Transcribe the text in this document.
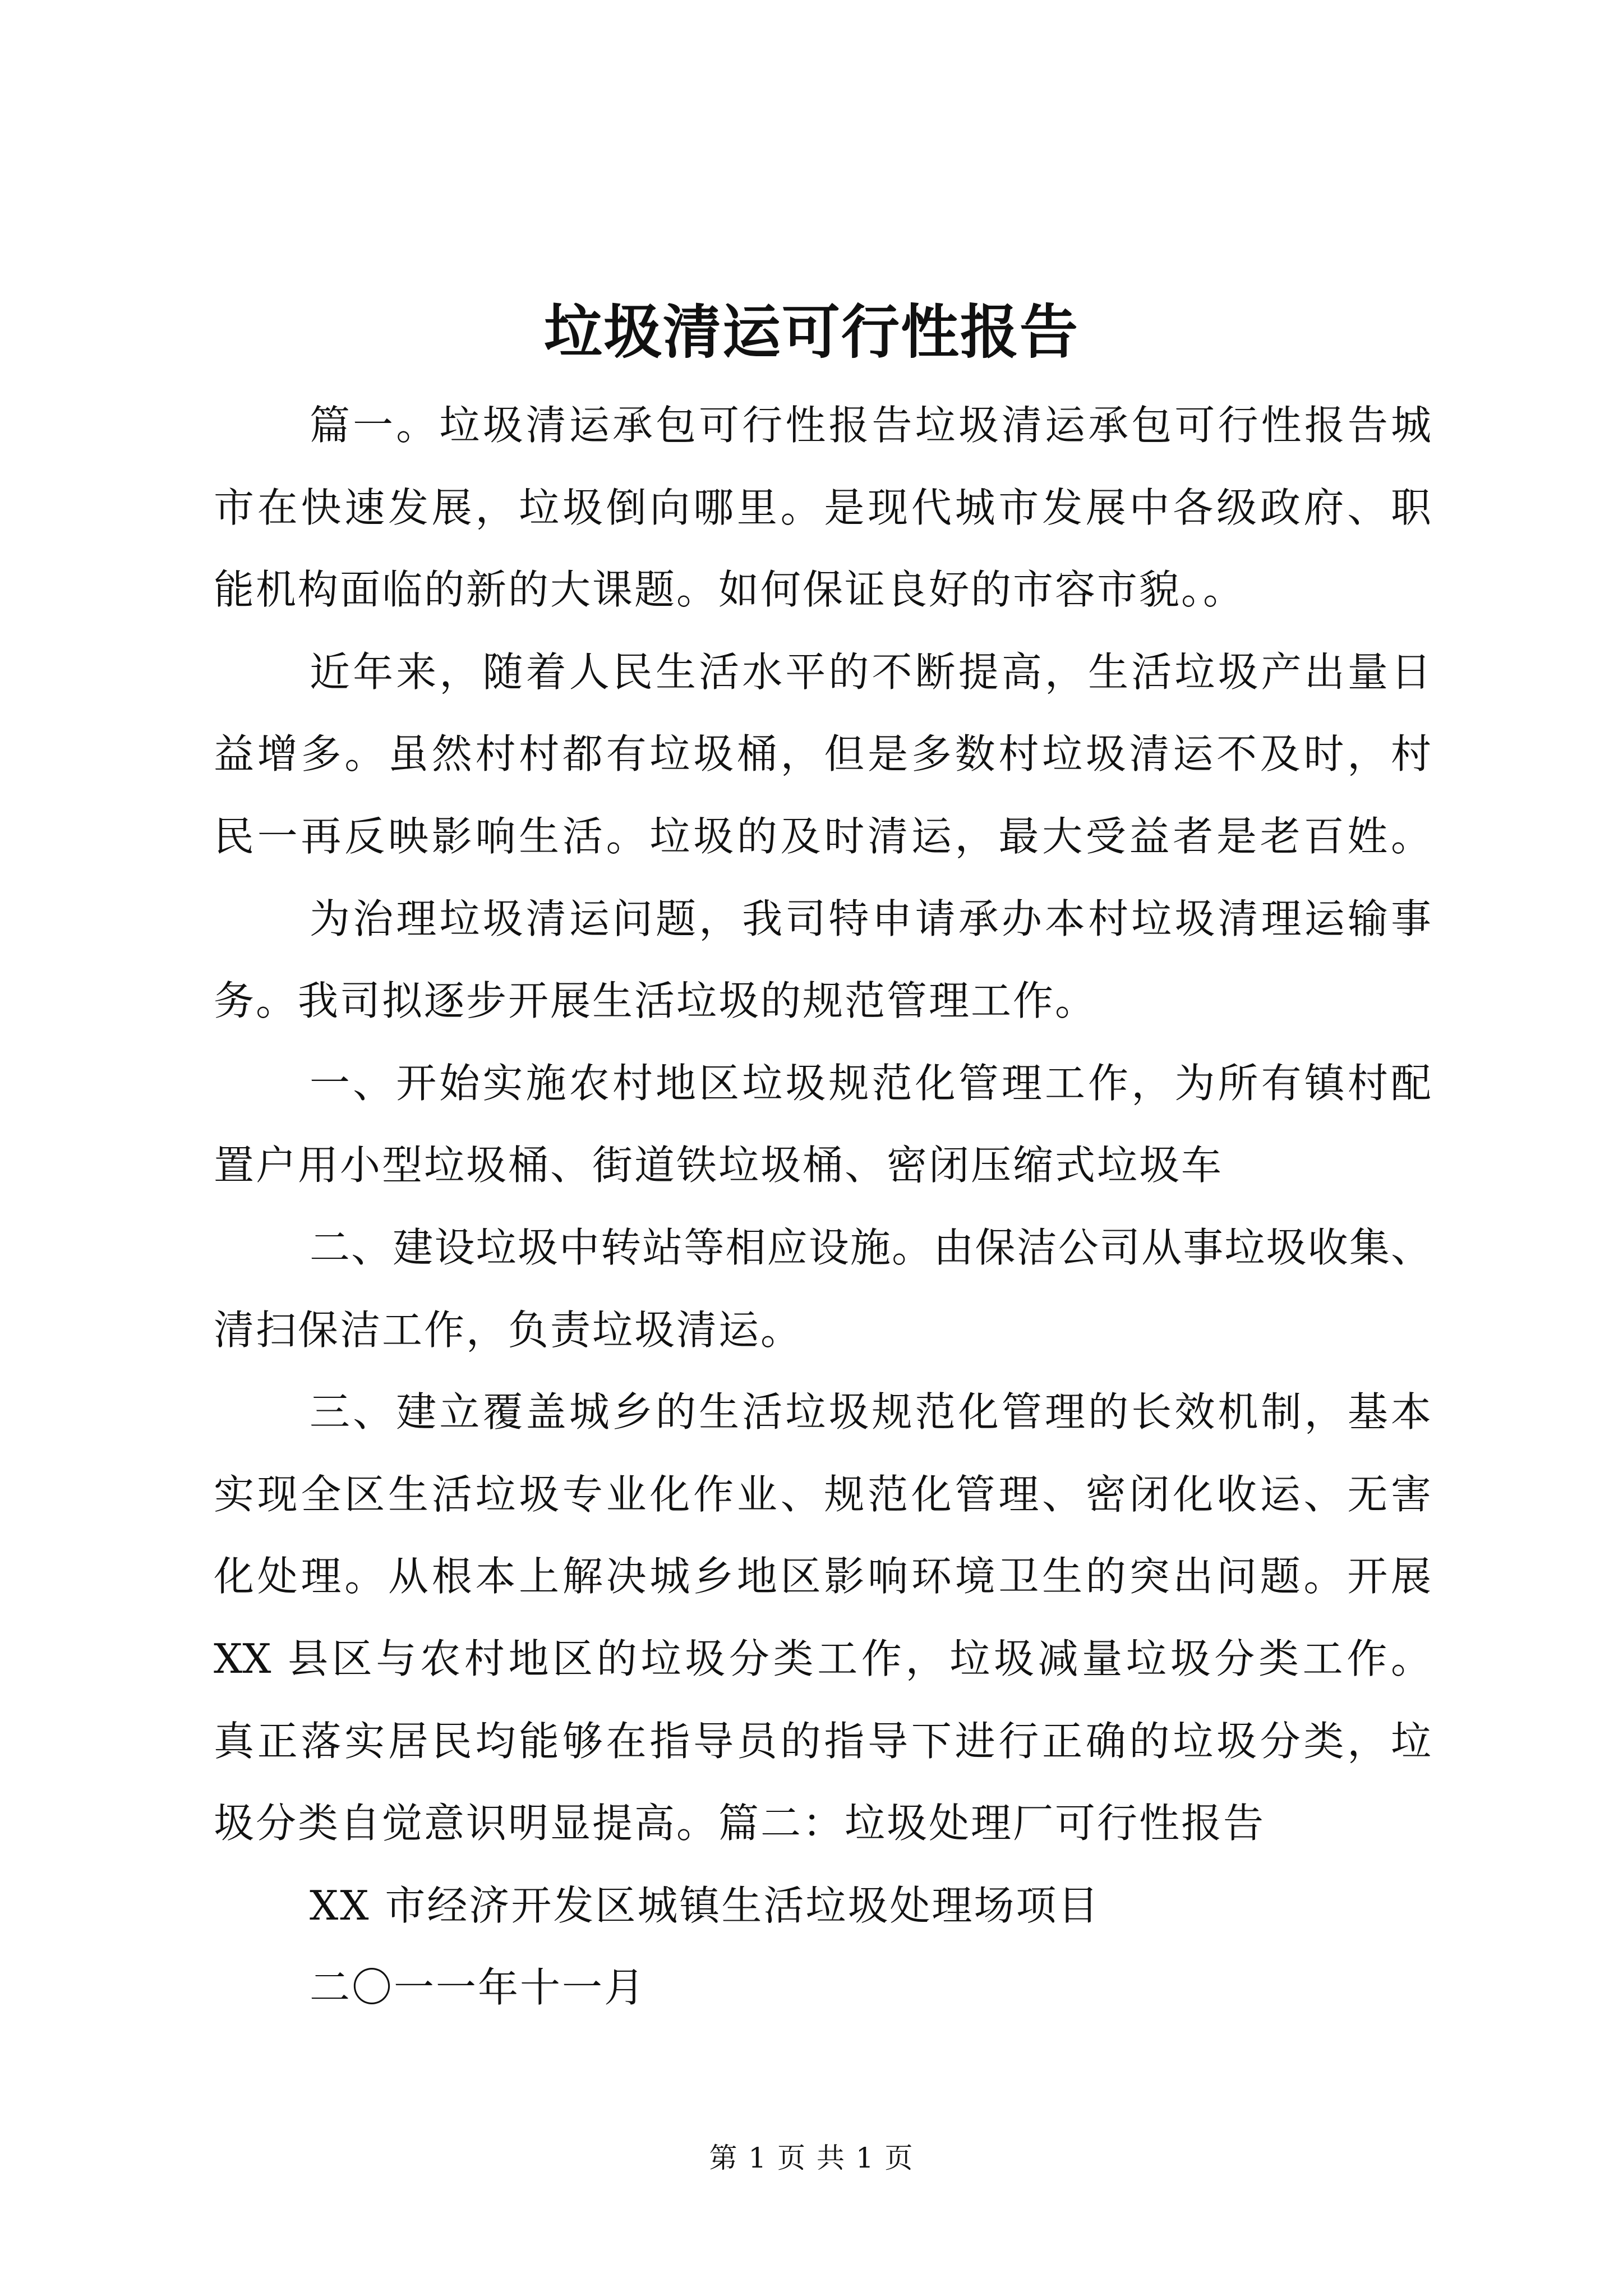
垃圾清运可行性报告
篇一。垃圾清运承包可行性报告垃圾清运承包可行性报告城
市在快速发展，垃圾倒向哪里。是现代城市发展中各级政府、职
能机构面临的新的大课题。如何保证良好的市容市貌。。
近年来，随着人民生活水平的不断提高，生活垃圾产出量日
益增多。虽然村村都有垃圾桶，但是多数村垃圾清运不及时，村
民一再反映影响生活。垃圾的及时清运，最大受益者是老百姓。
为治理垃圾清运问题，我司特申请承办本村垃圾清理运输事
务。我司拟逐步开展生活垃圾的规范管理工作。
一、开始实施农村地区垃圾规范化管理工作，为所有镇村配
置户用小型垃圾桶、街道铁垃圾桶、密闭压缩式垃圾车
二、建设垃圾中转站等相应设施。由保洁公司从事垃圾收集、
清扫保洁工作，负责垃圾清运。
三、建立覆盖城乡的生活垃圾规范化管理的长效机制，基本
实现全区生活垃圾专业化作业、规范化管理、密闭化收运、无害
化处理。从根本上解决城乡地区影响环境卫生的突出问题。开展
XX 县区与农村地区的垃圾分类工作，垃圾减量垃圾分类工作。
真正落实居民均能够在指导员的指导下进行正确的垃圾分类，垃
圾分类自觉意识明显提高。篇二：垃圾处理厂可行性报告
XX 市经济开发区城镇生活垃圾处理场项目
二〇一一年十一月
第 1 页 共 1 页
